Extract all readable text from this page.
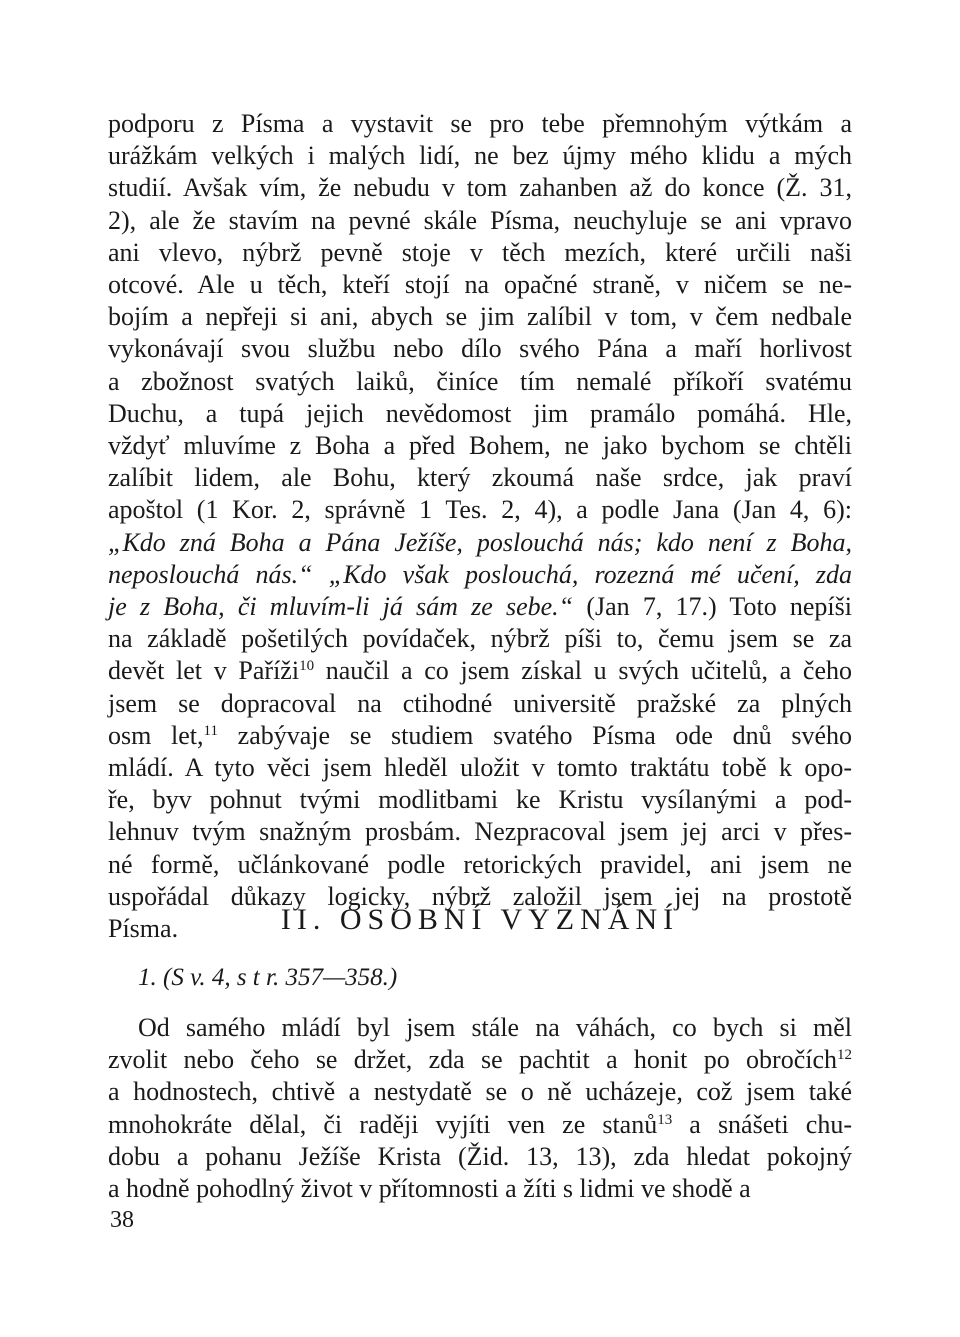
podporu z Písma a vystavit se pro tebe přemnohým výtkám a
urážkám velkých i malých lidí, ne bez újmy mého klidu a mých
studií. Avšak vím, že nebudu v tom zahanben až do konce (Ž. 31,
2), ale že stavím na pevné skále Písma, neuchyluje se ani vpravo
ani vlevo, nýbrž pevně stoje v těch mezích, které určili naši
otcové. Ale u těch, kteří stojí na opačné straně, v ničem se ne-
bojím a nepřeji si ani, abych se jim zalíbil v tom, v čem nedbale
vykonávají svou službu nebo dílo svého Pána a maří horlivost
a zbožnost svatých laiků, činíce tím nemalé příkoří svatému
Duchu, a tupá jejich nevědomost jim pramálo pomáhá. Hle,
vždyť mluvíme z Boha a před Bohem, ne jako bychom se chtěli
zalíbit lidem, ale Bohu, který zkoumá naše srdce, jak praví
apoštol (1 Kor. 2, správně 1 Tes. 2, 4), a podle Jana (Jan 4, 6):
„Kdo zná Boha a Pána Ježíše, poslouchá nás; kdo není z Boha,
neposlouchá nás.“ „Kdo však poslouchá, rozezná mé učení, zda
je z Boha, či mluvím-li já sám ze sebe.“ (Jan 7, 17.) Toto nepíši
na základě pošetilých povídaček, nýbrž píši to, čemu jsem se za
devět let v Paříži$^{10}$ naučil a co jsem získal u svých učitelů, a čeho
jsem se dopracoval na ctihodné universitě pražské za plných
osm let,$^{11}$ zabývaje se studiem svatého Písma ode dnů svého
mládí. A tyto věci jsem hleděl uložit v tomto traktátu tobě k opo-
ře, byv pohnut tvými modlitbami ke Kristu vysílanými a pod-
lehnuv tvým snažným prosbám. Nezpracoval jsem jej arci v přes-
né formě, učlánkované podle retorických pravidel, ani jsem ne
uspořádal důkazy logicky, nýbrž založil jsem jej na prostotě
Písma.	II. OSOBNÍ VYZNÁNÍ
1. (S v. 4, s t r. 357—358.)
Od samého mládí byl jsem stále na váhách, co bych si měl
zvolit nebo čeho se držet, zda se pachtit a honit po obročích$^{12}$
a hodnostech, chtivě a nestydatě se o ně ucházeje, což jsem také
mnohokráte dělal, či raději vyjíti ven ze stanů$^{13}$ a snášeti chu-
dobu a pohanu Ježíše Krista (Žid. 13, 13), zda hledat pokojný
a hodně pohodlný život v přítomnosti a žíti s lidmi ve shodě a
38
